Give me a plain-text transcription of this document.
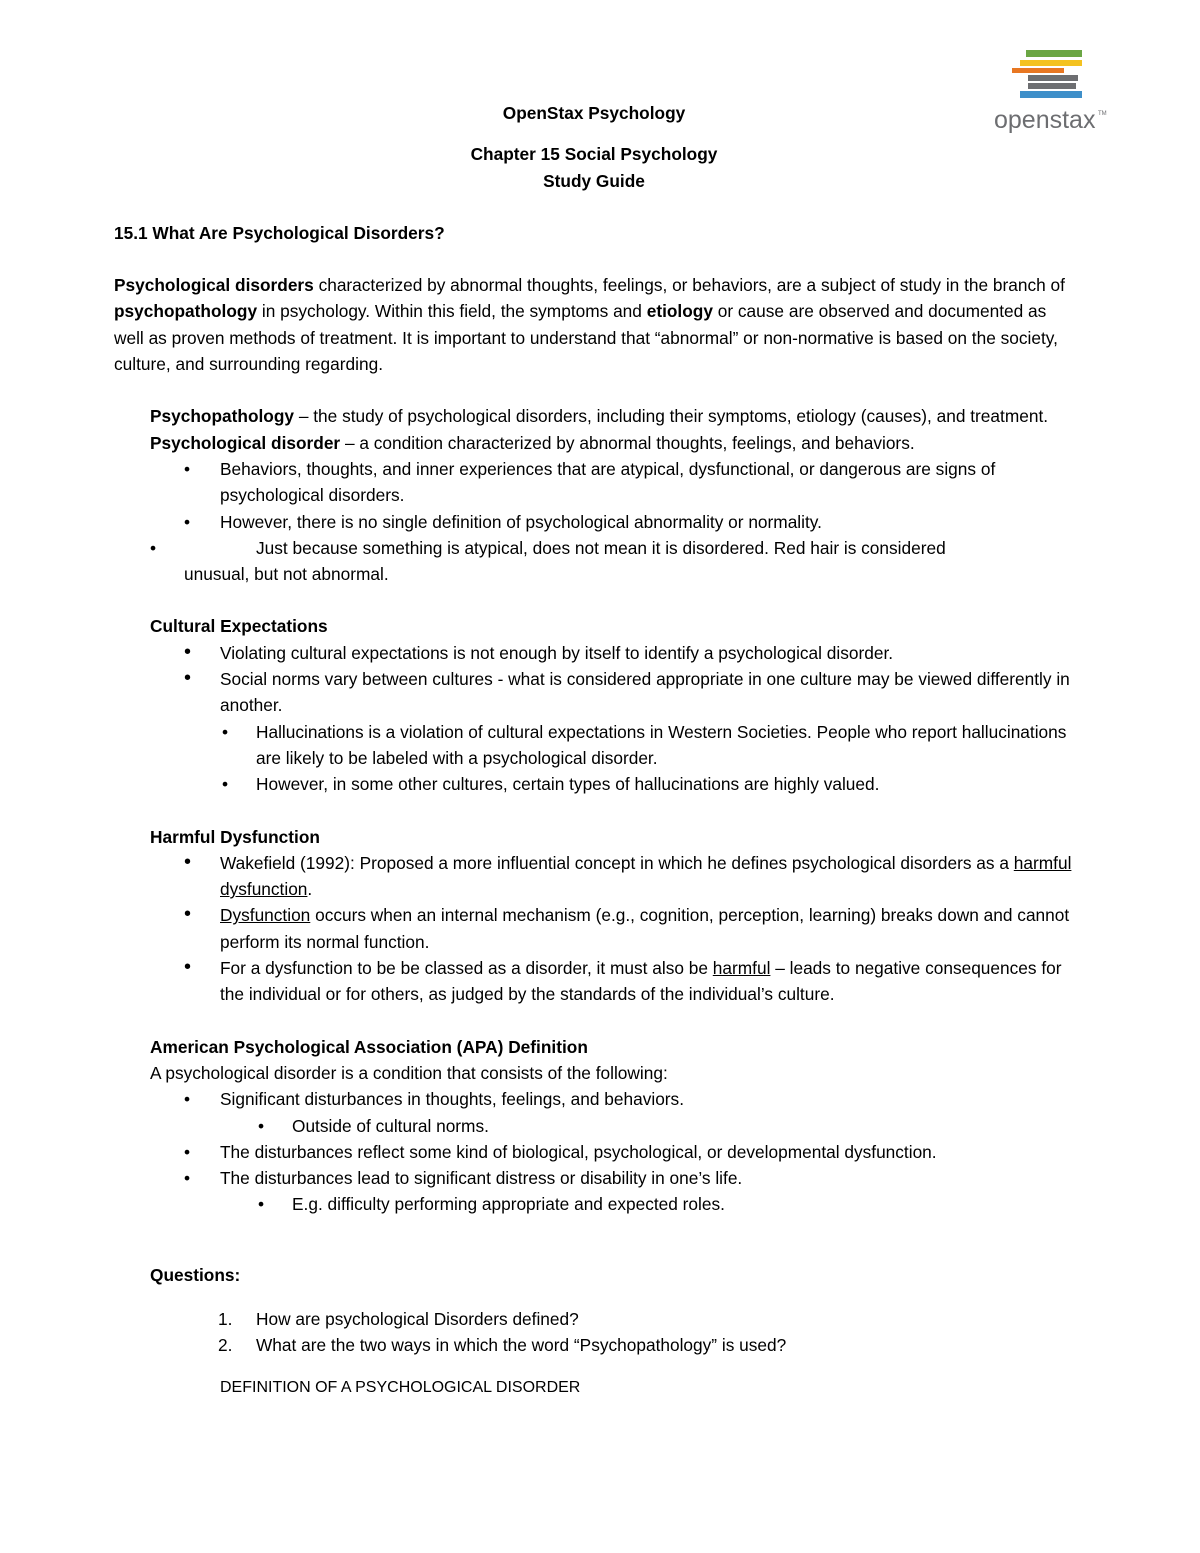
openstax TM

OpenStax Psychology

Chapter 15 Social Psychology

Study Guide

15.1 What Are Psychological Disorders?

Psychological disorders characterized by abnormal thoughts, feelings, or behaviors, are a subject of study in the branch of psychopathology in psychology. Within this field, the symptoms and etiology or cause are observed and documented as well as proven methods of treatment. It is important to understand that “abnormal” or non-normative is based on the society, culture, and surrounding regarding.

Psychopathology – the study of psychological disorders, including their symptoms, etiology (causes), and treatment.

Psychological disorder – a condition characterized by abnormal thoughts, feelings, and behaviors.

• Behaviors, thoughts, and inner experiences that are atypical, dysfunctional, or dangerous are signs of psychological disorders.
• However, there is no single definition of psychological abnormality or normality.
•	Just because something is atypical, does not mean it is disordered. Red hair is considered
unusual, but not abnormal.

Cultural Expectations

• Violating cultural expectations is not enough by itself to identify a psychological disorder.
• Social norms vary between cultures - what is considered appropriate in one culture may be viewed differently in another.
• Hallucinations is a violation of cultural expectations in Western Societies. People who report hallucinations are likely to be labeled with a psychological disorder.
• However, in some other cultures, certain types of hallucinations are highly valued.

Harmful Dysfunction

• Wakefield (1992): Proposed a more influential concept in which he defines psychological disorders as a harmful dysfunction.
• Dysfunction occurs when an internal mechanism (e.g., cognition, perception, learning) breaks down and cannot perform its normal function.
• For a dysfunction to be be classed as a disorder, it must also be harmful – leads to negative consequences for the individual or for others, as judged by the standards of the individual’s culture.

American Psychological Association (APA) Definition

A psychological disorder is a condition that consists of the following:

• Significant disturbances in thoughts, feelings, and behaviors.
• Outside of cultural norms.
• The disturbances reflect some kind of biological, psychological, or developmental dysfunction.
• The disturbances lead to significant distress or disability in one’s life.
• E.g. difficulty performing appropriate and expected roles.

Questions:

1. How are psychological Disorders defined?
2. What are the two ways in which the word “Psychopathology” is used?

DEFINITION OF A PSYCHOLOGICAL DISORDER
